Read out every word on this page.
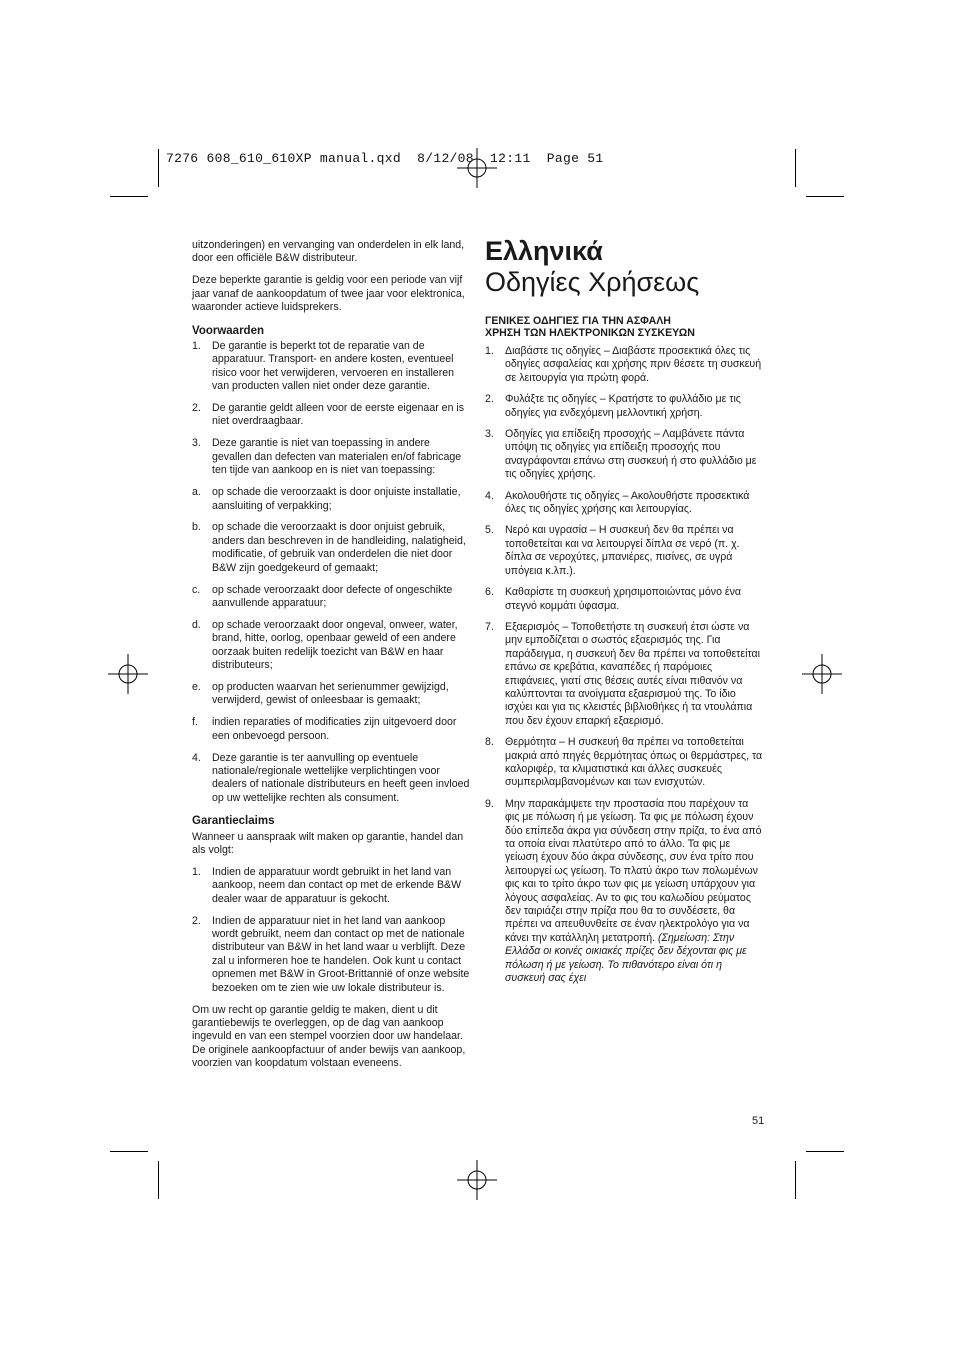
7276 608_610_610XP manual.qxd  8/12/08  12:11  Page 51

uitzonderingen) en vervanging van onderdelen in elk land, door een officiële B&W distributeur.

Deze beperkte garantie is geldig voor een periode van vijf jaar vanaf de aankoopdatum of twee jaar voor elektronica, waaronder actieve luidsprekers.

Voorwaarden
1. De garantie is beperkt tot de reparatie van de apparatuur. Transport- en andere kosten, eventueel risico voor het verwijderen, vervoeren en installeren van producten vallen niet onder deze garantie.
2. De garantie geldt alleen voor de eerste eigenaar en is niet overdraagbaar.
3. Deze garantie is niet van toepassing in andere gevallen dan defecten van materialen en/of fabricage ten tijde van aankoop en is niet van toepassing:
a. op schade die veroorzaakt is door onjuiste installatie, aansluiting of verpakking;
b. op schade die veroorzaakt is door onjuist gebruik, anders dan beschreven in de handleiding, nalatigheid, modificatie, of gebruik van onderdelen die niet door B&W zijn goedgekeurd of gemaakt;
c. op schade veroorzaakt door defecte of ongeschikte aanvullende apparatuur;
d. op schade veroorzaakt door ongeval, onweer, water, brand, hitte, oorlog, openbaar geweld of een andere oorzaak buiten redelijk toezicht van B&W en haar distributeurs;
e. op producten waarvan het serienummer gewijzigd, verwijderd, gewist of onleesbaar is gemaakt;
f. indien reparaties of modificaties zijn uitgevoerd door een onbevoegd persoon.
4. Deze garantie is ter aanvulling op eventuele nationale/regionale wettelijke verplichtingen voor dealers of nationale distributeurs en heeft geen invloed op uw wettelijke rechten als consument.
Garantieclaims

Wanneer u aanspraak wilt maken op garantie, handel dan als volgt:

1. Indien de apparatuur wordt gebruikt in het land van aankoop, neem dan contact op met de erkende B&W dealer waar de apparatuur is gekocht.
2. Indien de apparatuur niet in het land van aankoop wordt gebruikt, neem dan contact op met de nationale distributeur van B&W in het land waar u verblijft. Deze zal u informeren hoe te handelen. Ook kunt u contact opnemen met B&W in Groot-Brittannië of onze website bezoeken om te zien wie uw lokale distributeur is.

Om uw recht op garantie geldig te maken, dient u dit garantiebewijs te overleggen, op de dag van aankoop ingevuld en van een stempel voorzien door uw handelaar. De originele aankoopfactuur of ander bewijs van aankoop, voorzien van koopdatum volstaan eveneens.

Ελληνικά
Οδηγίες Χρήσεως
ΓΕΝΙΚΕΣ ΟΔΗΓΙΕΣ ΓΙΑ ΤΗΝ ΑΣΦΑΛΗ
ΧΡΗΣΗ ΤΩΝ ΗΛΕΚΤΡΟΝΙΚΩΝ ΣΥΣΚΕΥΩΝ
1. Διαβάστε τις οδηγίες – Διαβάστε προσεκτικά όλες τις οδηγίες ασφαλείας και χρήσης πριν θέσετε τη συσκευή σε λειτουργία για πρώτη φορά.
2. Φυλάξτε τις οδηγίες – Κρατήστε το φυλλάδιο με τις οδηγίες για ενδεχόμενη μελλοντική χρήση.
3. Οδηγίες για επίδειξη προσοχής – Λαμβάνετε πάντα υπόψη τις οδηγίες για επίδειξη προσοχής που αναγράφονται επάνω στη συσκευή ή στο φυλλάδιο με τις οδηγίες χρήσης.
4. Ακολουθήστε τις οδηγίες – Ακολουθήστε προσεκτικά όλες τις οδηγίες χρήσης και λειτουργίας.
5. Νερό και υγρασία – Η συσκευή δεν θα πρέπει να τοποθετείται και να λειτουργεί δίπλα σε νερό (π. χ. δίπλα σε νεροχύτες, μπανιέρες, πισίνες, σε υγρά υπόγεια κ.λπ.).
6. Καθαρίστε τη συσκευή χρησιμοποιώντας μόνο ένα στεγνό κομμάτι ύφασμα.
7. Εξαερισμός – Τοποθετήστε τη συσκευή έτσι ώστε να μην εμποδίζεται ο σωστός εξαερισμός της. Για παράδειγμα, η συσκευή δεν θα πρέπει να τοποθετείται επάνω σε κρεβάτια, καναπέδες ή παρόμοιες επιφάνειες, γιατί στις θέσεις αυτές είναι πιθανόν να καλύπτονται τα ανοίγματα εξαερισμού της. Το ίδιο ισχύει και για τις κλειστές βιβλιοθήκες ή τα ντουλάπια που δεν έχουν επαρκή εξαερισμό.
8. Θερμότητα – Η συσκευή θα πρέπει να τοποθετείται μακριά από πηγές θερμότητας όπως οι θερμάστρες, τα καλοριφέρ, τα κλιματιστικά και άλλες συσκευές συμπεριλαμβανομένων και των ενισχυτών.
9. Μην παρακάμψετε την προστασία που παρέχουν τα φις με πόλωση ή με γείωση. Τα φις με πόλωση έχουν δύο επίπεδα άκρα για σύνδεση στην πρίζα, το ένα από τα οποία είναι πλατύτερο από το άλλο. Τα φις με γείωση έχουν δύο άκρα σύνδεσης, συν ένα τρίτο που λειτουργεί ως γείωση. Το πλατύ άκρο των πολωμένων φις και το τρίτο άκρο των φις με γείωση υπάρχουν για λόγους ασφαλείας. Αν το φις του καλωδίου ρεύματος δεν ταιριάζει στην πρίζα που θα το συνδέσετε, θα πρέπει να απευθυνθείτε σε έναν ηλεκτρολόγο για να κάνει την κατάλληλη μετατροπή. (Σημείωση: Στην Ελλάδα οι κοινές οικιακές πρίζες δεν δέχονται φις με πόλωση ή με γείωση. Το πιθανότερο είναι ότι η συσκευή σας έχει
51
